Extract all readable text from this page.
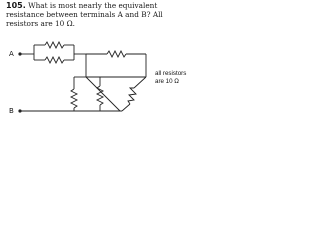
105. What is most nearly the equivalent resistance between terminals A and B? All resistors are 10 Ω.
A
B
all resistors
are 10 Ω
